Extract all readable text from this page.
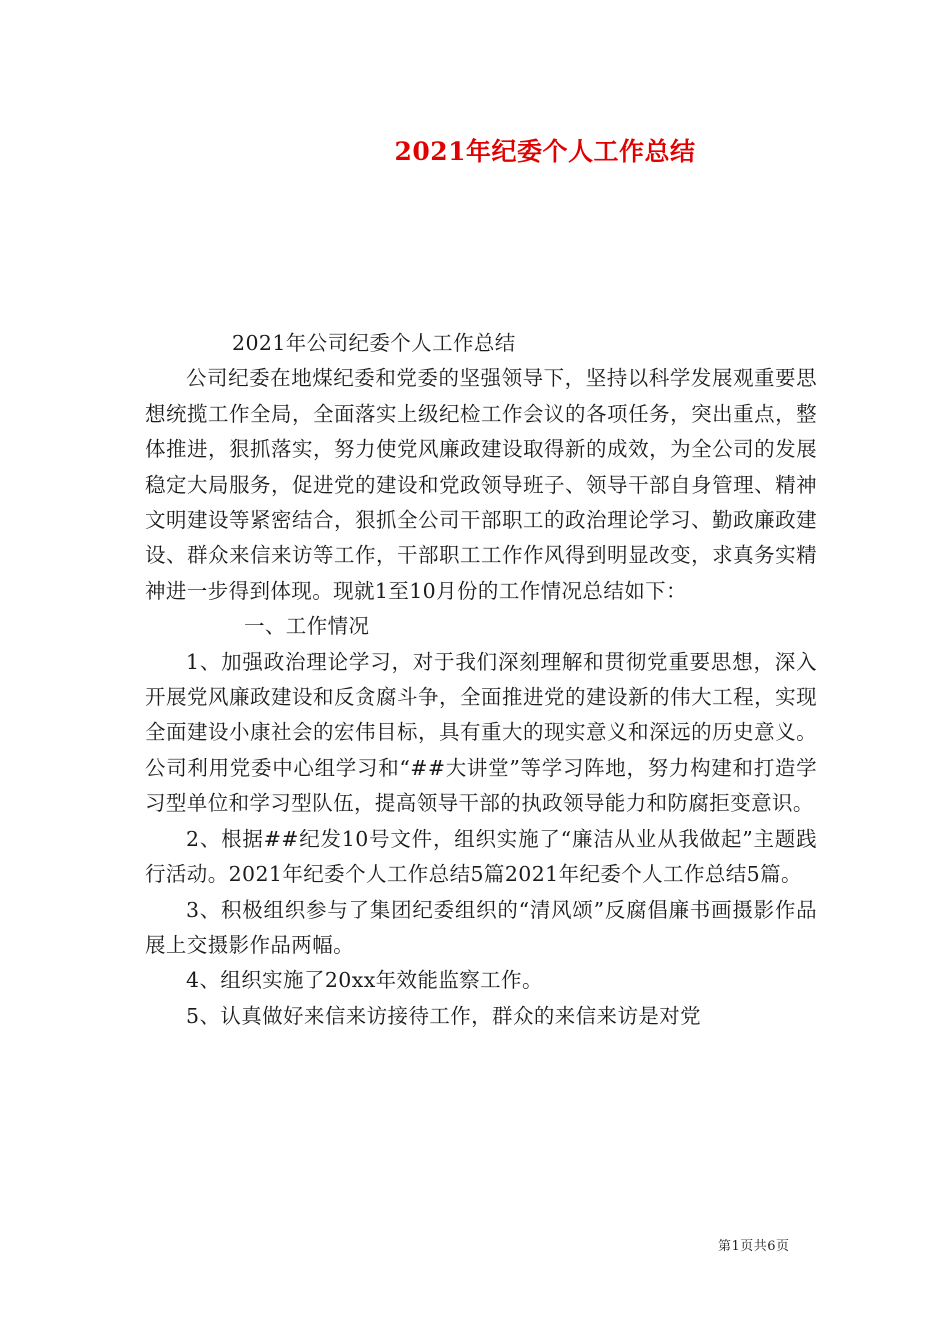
2021年纪委个人工作总结

2021年公司纪委个人工作总结

公司纪委在地煤纪委和党委的坚强领导下，坚持以科学发展观重要思想统揽工作全局，全面落实上级纪检工作会议的各项任务，突出重点，整体推进，狠抓落实，努力使党风廉政建设取得新的成效，为全公司的发展稳定大局服务，促进党的建设和党政领导班子、领导干部自身管理、精神文明建设等紧密结合，狠抓全公司干部职工的政治理论学习、勤政廉政建设、群众来信来访等工作，干部职工工作作风得到明显改变，求真务实精神进一步得到体现。现就1至10月份的工作情况总结如下：

一、工作情况

1、加强政治理论学习，对于我们深刻理解和贯彻党重要思想，深入开展党风廉政建设和反贪腐斗争，全面推进党的建设新的伟大工程，实现全面建设小康社会的宏伟目标，具有重大的现实意义和深远的历史意义。公司利用党委中心组学习和“##大讲堂”等学习阵地，努力构建和打造学习型单位和学习型队伍，提高领导干部的执政领导能力和防腐拒变意识。

2、根据##纪发10号文件，组织实施了“廉洁从业从我做起”主题践行活动。2021年纪委个人工作总结5篇2021年纪委个人工作总结5篇。

3、积极组织参与了集团纪委组织的“清风颂”反腐倡廉书画摄影作品展上交摄影作品两幅。

4、组织实施了20xx年效能监察工作。

5、认真做好来信来访接待工作，群众的来信来访是对党

第1页共6页
